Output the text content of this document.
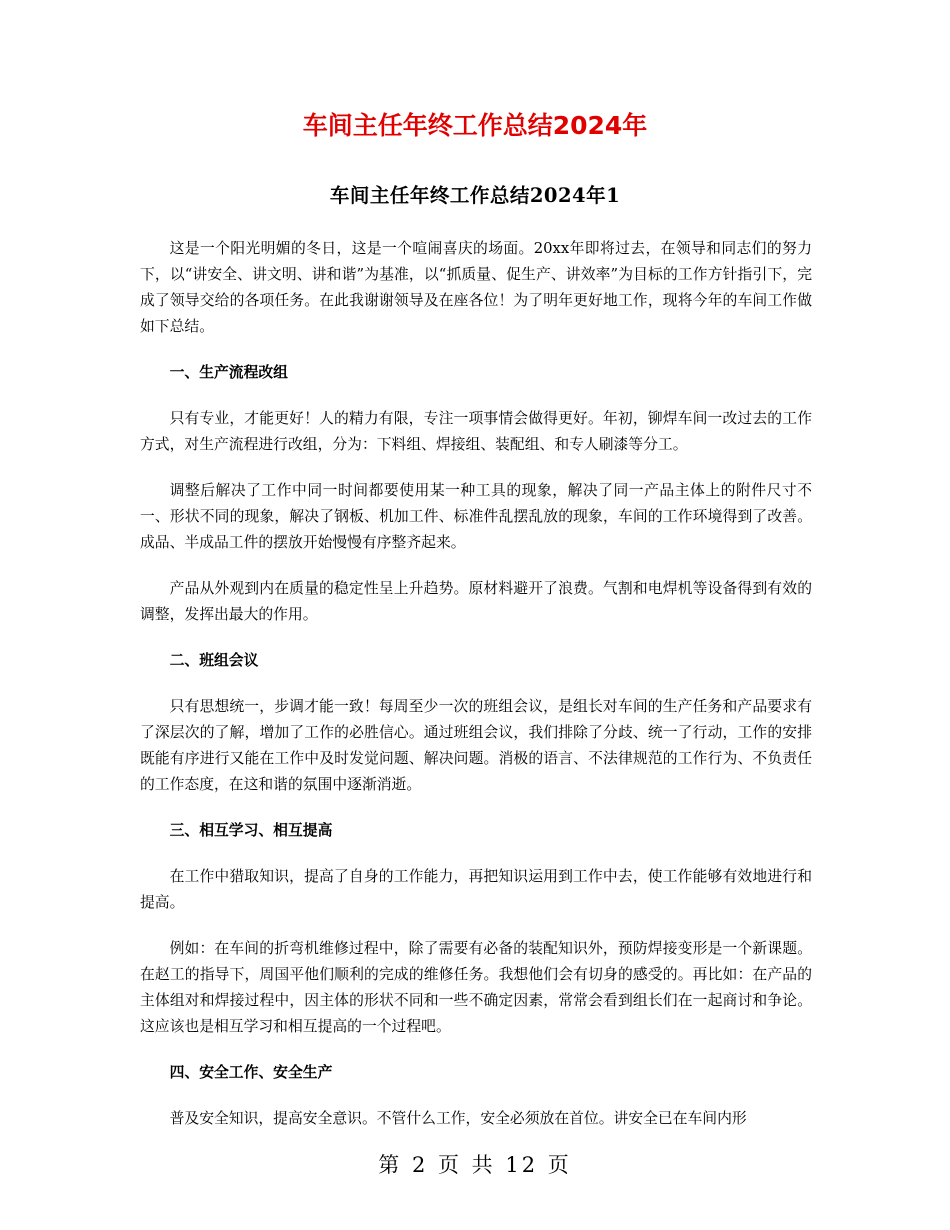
车间主任年终工作总结2024年
车间主任年终工作总结2024年1

这是一个阳光明媚的冬日，这是一个喧闹喜庆的场面。20xx年即将过去，在领导和同志们的努力下，以“讲安全、讲文明、讲和谐”为基准，以“抓质量、促生产、讲效率”为目标的工作方针指引下，完成了领导交给的各项任务。在此我谢谢领导及在座各位！为了明年更好地工作，现将今年的车间工作做如下总结。

一、生产流程改组

只有专业，才能更好！人的精力有限，专注一项事情会做得更好。年初，铆焊车间一改过去的工作方式，对生产流程进行改组，分为：下料组、焊接组、装配组、和专人刷漆等分工。

调整后解决了工作中同一时间都要使用某一种工具的现象，解决了同一产品主体上的附件尺寸不一、形状不同的现象，解决了钢板、机加工件、标准件乱摆乱放的现象，车间的工作环境得到了改善。成品、半成品工件的摆放开始慢慢有序整齐起来。

产品从外观到内在质量的稳定性呈上升趋势。原材料避开了浪费。气割和电焊机等设备得到有效的调整，发挥出最大的作用。

二、班组会议

只有思想统一，步调才能一致！每周至少一次的班组会议，是组长对车间的生产任务和产品要求有了深层次的了解，增加了工作的必胜信心。通过班组会议，我们排除了分歧、统一了行动，工作的安排既能有序进行又能在工作中及时发觉问题、解决问题。消极的语言、不法律规范的工作行为、不负责任的工作态度，在这和谐的氛围中逐渐消逝。

三、相互学习、相互提高

在工作中猎取知识，提高了自身的工作能力，再把知识运用到工作中去，使工作能够有效地进行和提高。

例如：在车间的折弯机维修过程中，除了需要有必备的装配知识外，预防焊接变形是一个新课题。在赵工的指导下，周国平他们顺利的完成的维修任务。我想他们会有切身的感受的。再比如：在产品的主体组对和焊接过程中，因主体的形状不同和一些不确定因素，常常会看到组长们在一起商讨和争论。这应该也是相互学习和相互提高的一个过程吧。

四、安全工作、安全生产

普及安全知识，提高安全意识。不管什么工作，安全必须放在首位。讲安全已在车间内形

第 2 页 共 12 页
